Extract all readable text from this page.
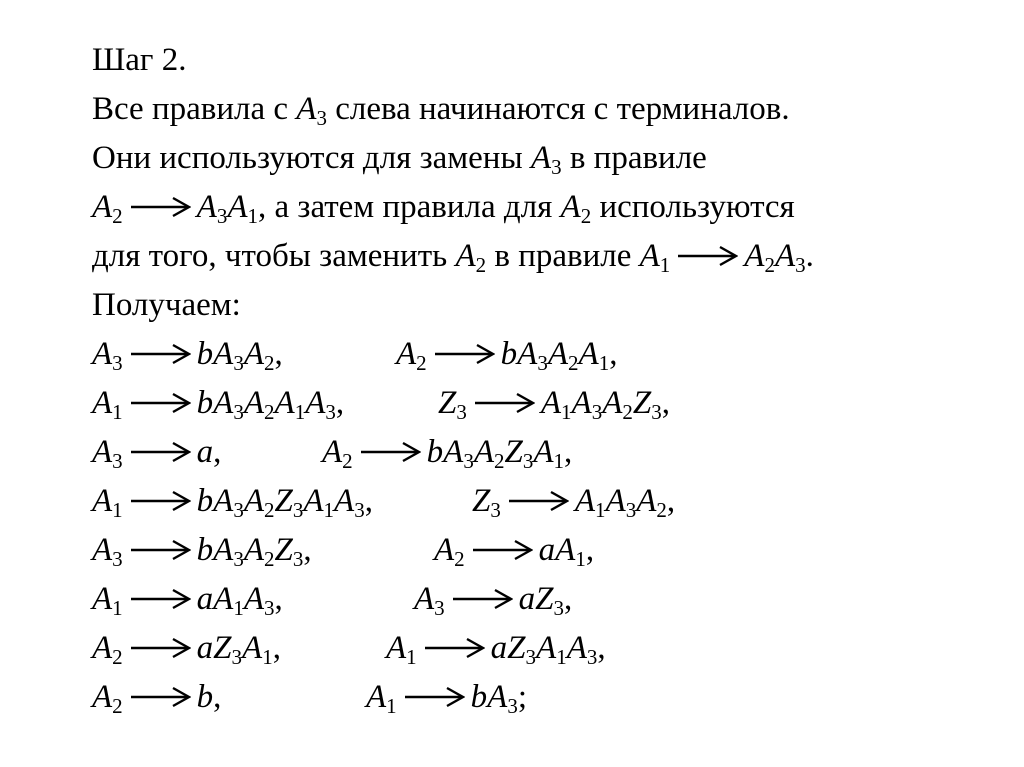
Шаг 2.
Все правила с $A_3$ слева начинаются с терминалов.
Они используются для замены $A_3$ в правиле
$A_2$ $A_3A_1$, а затем правила для $A_2$ используются
для того, чтобы заменить $A_2$ в правиле $A_1$ $A_2A_3$.
Получаем:
$A_3$ $bA_3A_2$,	$A_2$ $bA_3A_2A_1$,
$A_1$ $bA_3A_2A_1A_3$,	$Z_3$ $A_1A_3A_2Z_3$,
$A_3$ a,	$A_2$ $bA_3A_2Z_3A_1$,
$A_1$ $bA_3A_2Z_3A_1A_3$,	$Z_3$ $A_1A_3A_2$,
$A_3$ $bA_3A_2Z_3$,	$A_2$ $aA_1$,
$A_1$ $aA_1A_3$,	$A_3$ $aZ_3$,
$A_2$ $aZ_3A_1$,	$A_1$ $aZ_3A_1A_3$,
$A_2$ b,	$A_1$ $bA_3$;
